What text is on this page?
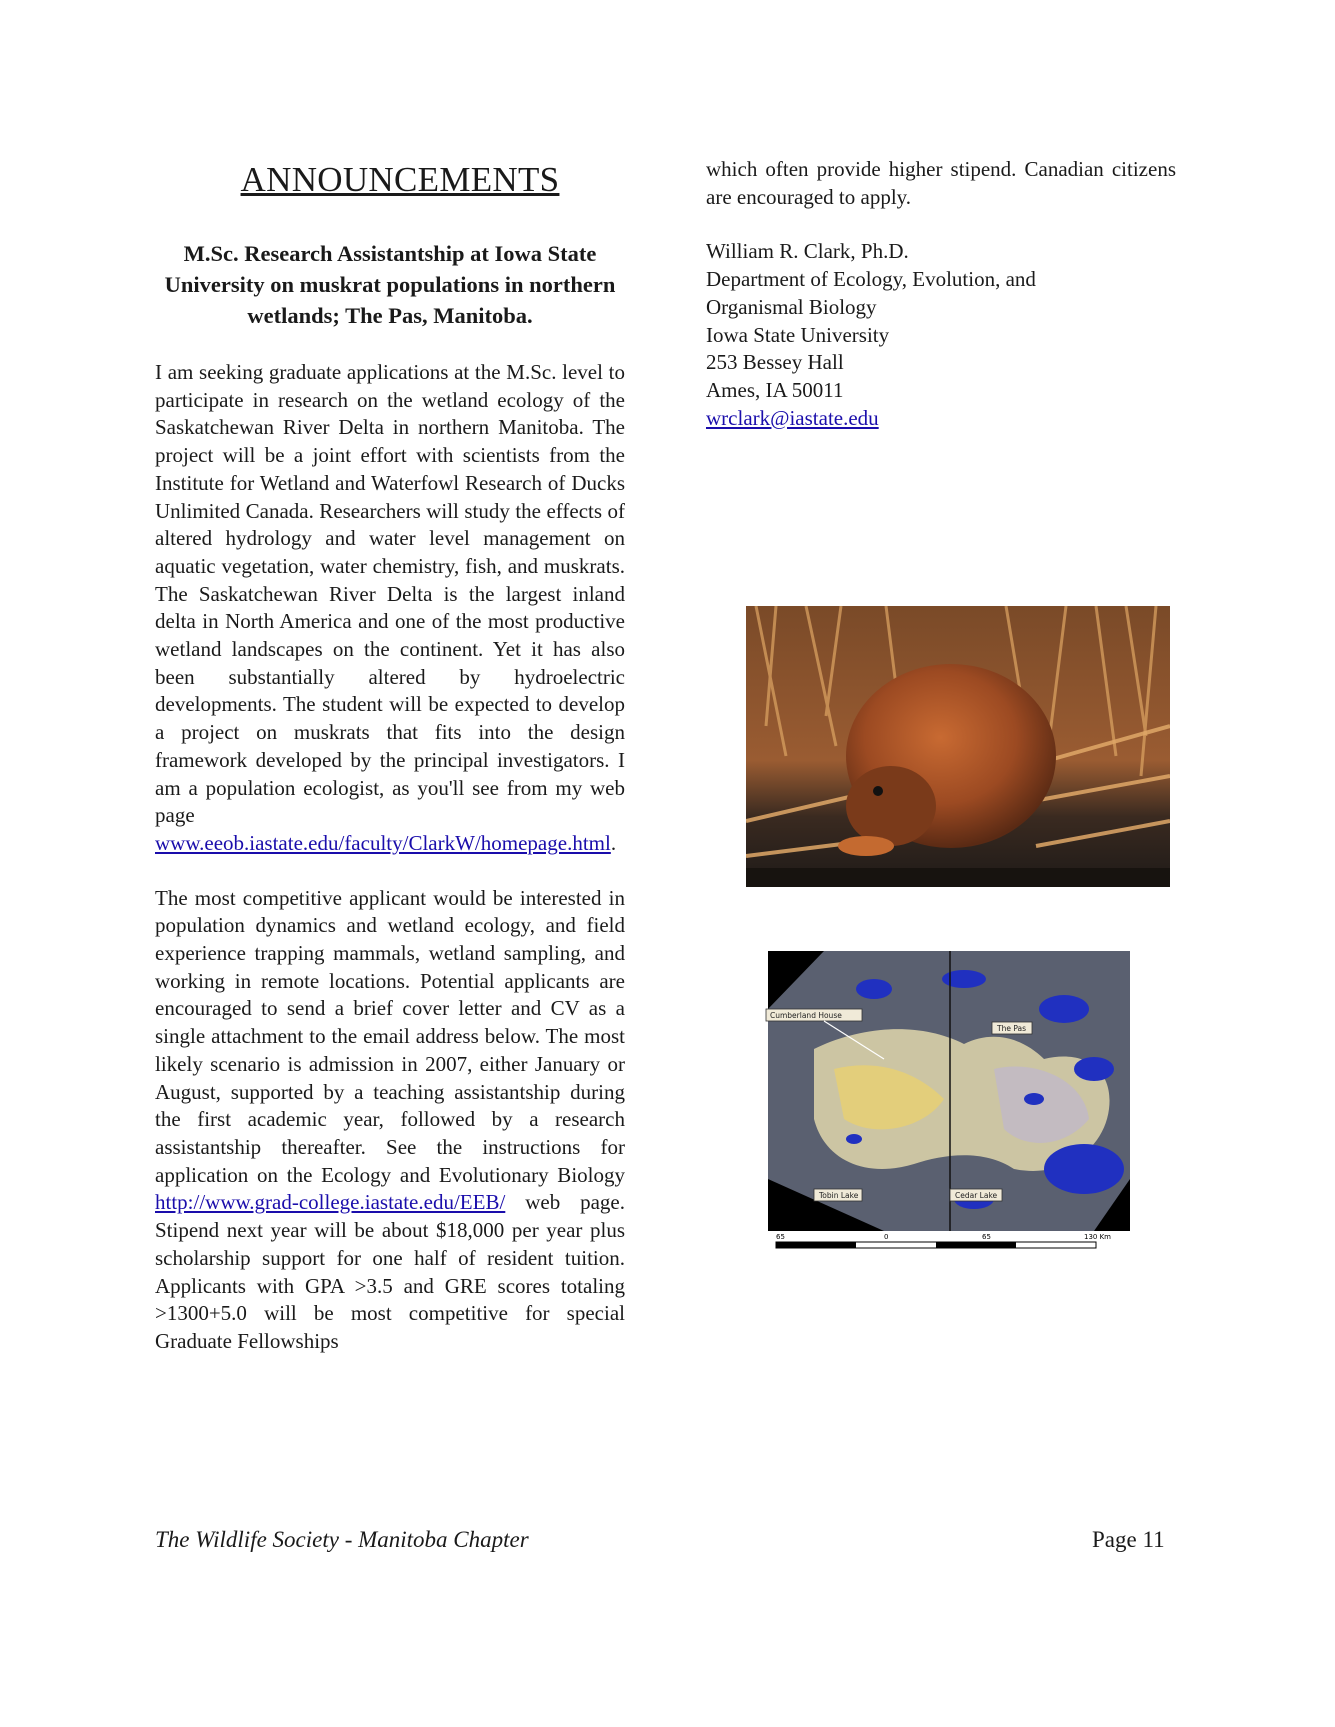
ANNOUNCEMENTS
M.Sc. Research Assistantship at Iowa State University on muskrat populations in northern wetlands; The Pas, Manitoba.

I am seeking graduate applications at the M.Sc. level to participate in research on the wetland ecology of the Saskatchewan River Delta in northern Manitoba. The project will be a joint effort with scientists from the Institute for Wetland and Waterfowl Research of Ducks Unlimited Canada. Researchers will study the effects of altered hydrology and water level management on aquatic vegetation, water chemistry, fish, and muskrats. The Saskatchewan River Delta is the largest inland delta in North America and one of the most productive wetland landscapes on the continent. Yet it has also been substantially altered by hydroelectric developments. The student will be expected to develop a project on muskrats that fits into the design framework developed by the principal investigators. I am a population ecologist, as you'll see from my web page www.eeob.iastate.edu/faculty/ClarkW/homepage.html.

The most competitive applicant would be interested in population dynamics and wetland ecology, and field experience trapping mammals, wetland sampling, and working in remote locations. Potential applicants are encouraged to send a brief cover letter and CV as a single attachment to the email address below. The most likely scenario is admission in 2007, either January or August, supported by a teaching assistantship during the first academic year, followed by a research assistantship thereafter. See the instructions for application on the Ecology and Evolutionary Biology http://www.grad-college.iastate.edu/EEB/ web page. Stipend next year will be about $18,000 per year plus scholarship support for one half of resident tuition. Applicants with GPA >3.5 and GRE scores totaling >1300+5.0 will be most competitive for special Graduate Fellowships

which often provide higher stipend. Canadian citizens are encouraged to apply.

William R. Clark, Ph.D.
Department of Ecology, Evolution, and
Organismal Biology
Iowa State University
253 Bessey Hall
Ames, IA 50011
wrclark@iastate.edu
Cumberland House
The Pas
Tobin Lake	Cedar Lake
65	0	65	130 Km
The Wildlife Society - Manitoba Chapter	Page 11
